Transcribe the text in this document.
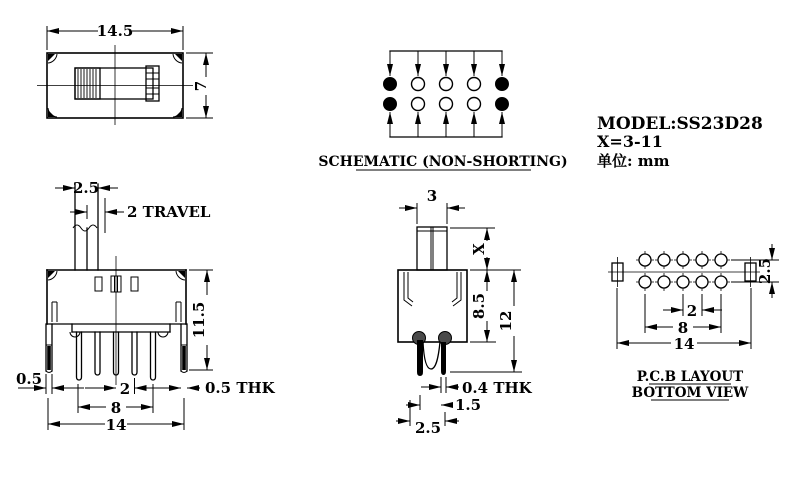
14.5
7
SCHEMATIC (NON-SHORTING)
MODEL:SS23D28
X=3-11
单位: mm
2.5
2 TRAVEL
11.5
0.5
2	0.5 THK
8
14
3
X
8.5
12
0.4 THK
1.5
2.5
2.5
2
8
14
P.C.B LAYOUT
BOTTOM VIEW
